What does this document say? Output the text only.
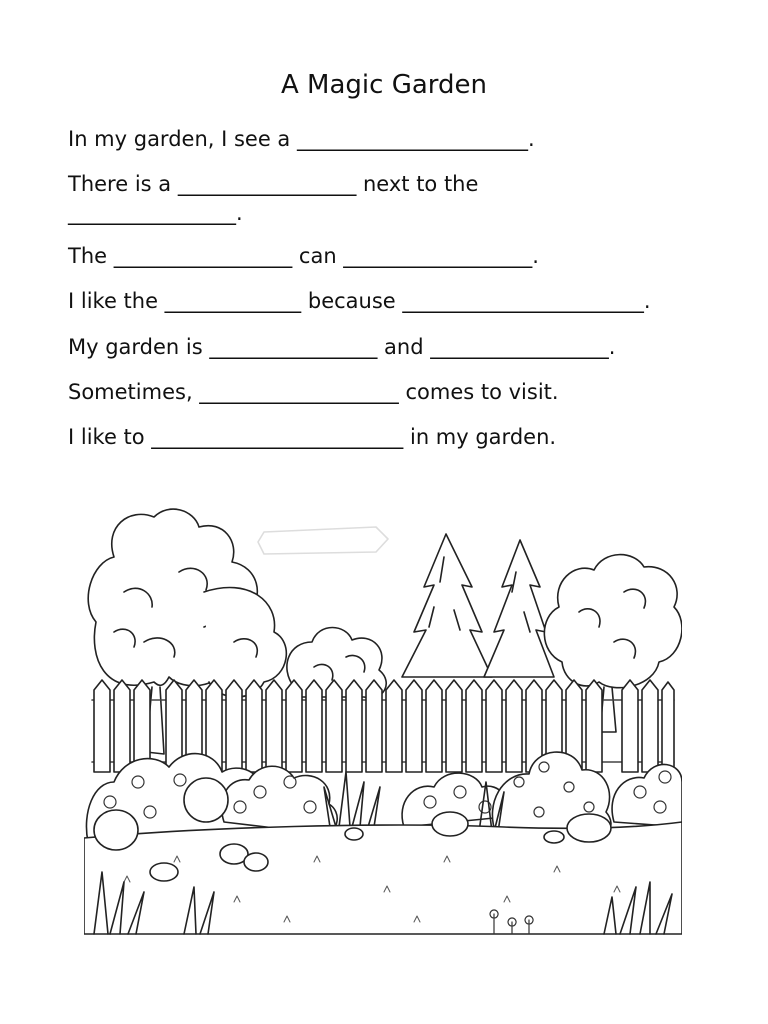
A Magic Garden
In my garden, I see a ______________________.
There is a _________________ next to the
________________.
The _________________ can __________________.
I like the _____________ because _______________________.
My garden is ________________ and _________________.
Sometimes, ___________________ comes to visit.
I like to ________________________ in my garden.
